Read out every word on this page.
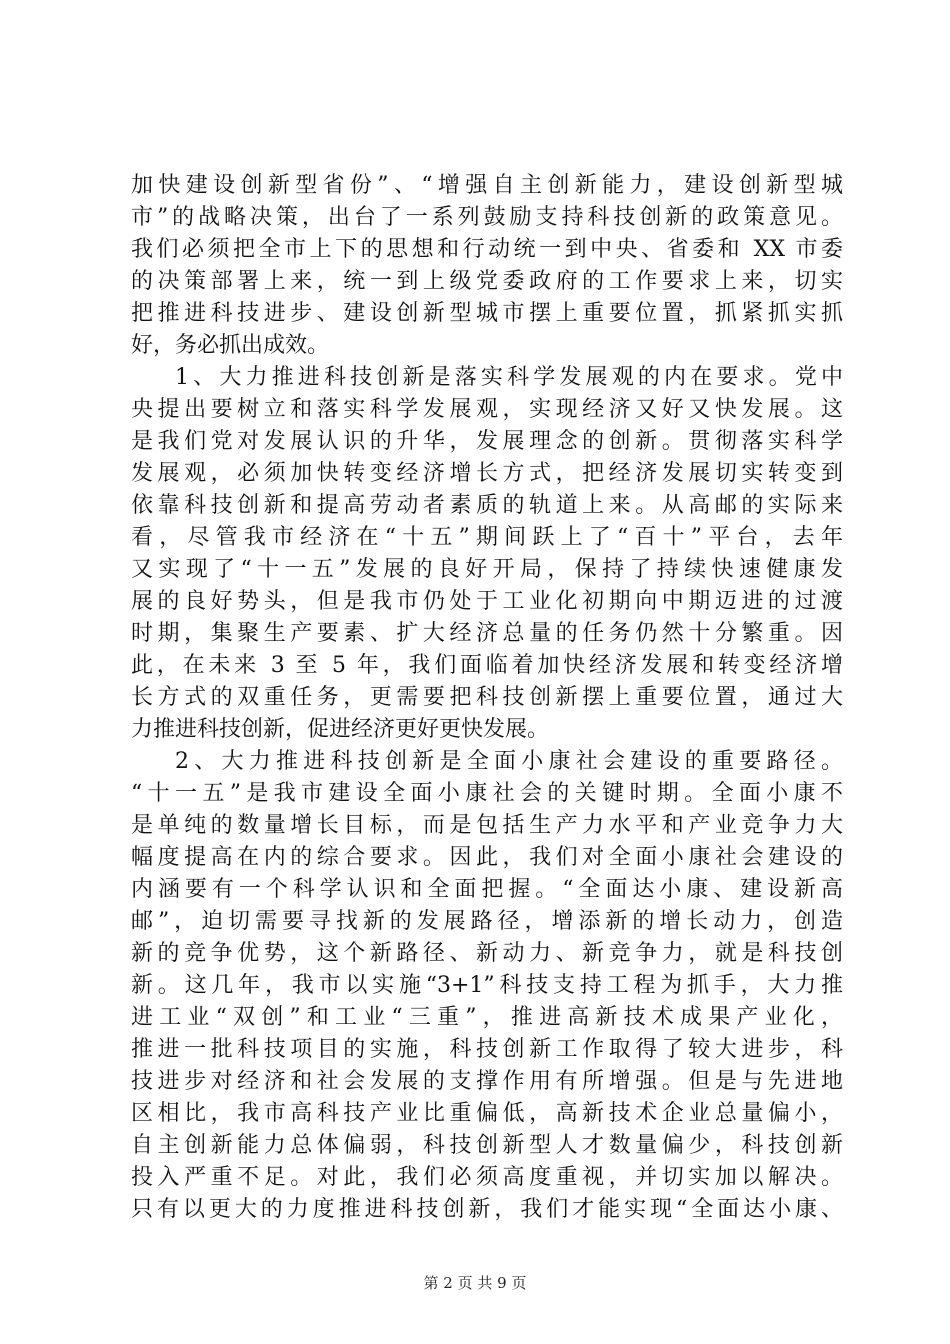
加快建设创新型省份”、“增强自主创新能力，建设创新型城
市”的战略决策，出台了一系列鼓励支持科技创新的政策意见。
我们必须把全市上下的思想和行动统一到中央、省委和 XX 市委
的决策部署上来，统一到上级党委政府的工作要求上来，切实
把推进科技进步、建设创新型城市摆上重要位置，抓紧抓实抓
好，务必抓出成效。
1、大力推进科技创新是落实科学发展观的内在要求。党中
央提出要树立和落实科学发展观，实现经济又好又快发展。这
是我们党对发展认识的升华，发展理念的创新。贯彻落实科学
发展观，必须加快转变经济增长方式，把经济发展切实转变到
依靠科技创新和提高劳动者素质的轨道上来。从高邮的实际来
看，尽管我市经济在“十五”期间跃上了“百十”平台，去年
又实现了“十一五”发展的良好开局，保持了持续快速健康发
展的良好势头，但是我市仍处于工业化初期向中期迈进的过渡
时期，集聚生产要素、扩大经济总量的任务仍然十分繁重。因
此，在未来 3 至 5 年，我们面临着加快经济发展和转变经济增
长方式的双重任务，更需要把科技创新摆上重要位置，通过大
力推进科技创新，促进经济更好更快发展。
2、大力推进科技创新是全面小康社会建设的重要路径。
“十一五”是我市建设全面小康社会的关键时期。全面小康不
是单纯的数量增长目标，而是包括生产力水平和产业竞争力大
幅度提高在内的综合要求。因此，我们对全面小康社会建设的
内涵要有一个科学认识和全面把握。“全面达小康、建设新高
邮”，迫切需要寻找新的发展路径，增添新的增长动力，创造
新的竞争优势，这个新路径、新动力、新竞争力，就是科技创
新。这几年，我市以实施“3+1”科技支持工程为抓手，大力推
进工业“双创”和工业“三重”，推进高新技术成果产业化，
推进一批科技项目的实施，科技创新工作取得了较大进步，科
技进步对经济和社会发展的支撑作用有所增强。但是与先进地
区相比，我市高科技产业比重偏低，高新技术企业总量偏小，
自主创新能力总体偏弱，科技创新型人才数量偏少，科技创新
投入严重不足。对此，我们必须高度重视，并切实加以解决。
只有以更大的力度推进科技创新，我们才能实现“全面达小康、
第 2 页 共 9 页
